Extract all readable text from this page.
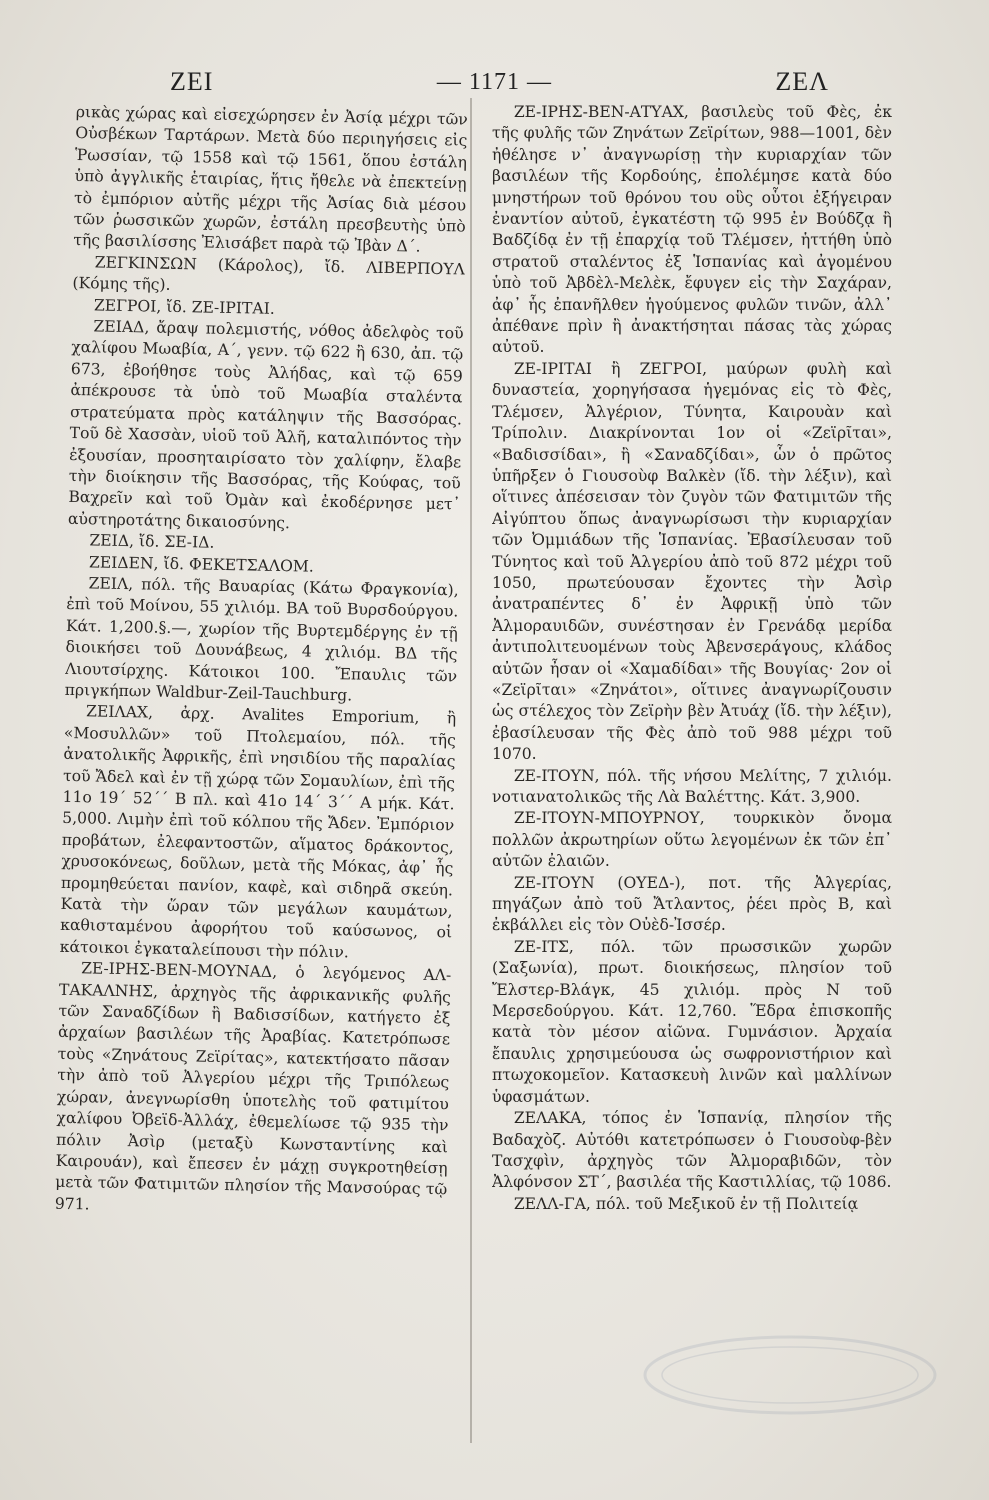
ZEI	— 1171 —	ΖΕΛ

ρικὰς χώρας καὶ εἰσεχώρησεν ἐν Ἀσίᾳ μέχρι τῶν Οὐσβέκων Ταρτάρων. Μετὰ δύο περιηγήσεις εἰς Ῥωσσίαν, τῷ 1558 καὶ τῷ 1561, ὅπου ἐστάλη ὑπὸ ἀγγλικῆς ἑταιρίας, ἥτις ἤθελε νὰ ἐπεκτείνῃ τὸ ἐμπόριον αὐτῆς μέχρι τῆς Ἀσίας διὰ μέσου τῶν ῥωσσικῶν χωρῶν, ἐστάλη πρεσβευτὴς ὑπὸ τῆς βασιλίσσης Ἐλισάβετ παρὰ τῷ Ἰβὰν Δ΄.

ΖΕΓΚΙΝΣΩΝ (Κάρολος), ἴδ. ΛΙΒΕΡΠΟΥΛ (Κόμης τῆς).

ΖΕΓΡΟΙ, ἴδ. ΖΕ-ΙΡΙΤΑΙ.

ΖΕΙΑΔ, ἄραψ πολεμιστής, νόθος ἀδελφὸς τοῦ χαλίφου Μωαβία, Α΄, γενν. τῷ 622 ἢ 630, ἀπ. τῷ 673, ἐβοήθησε τοὺς Ἀλήδας, καὶ τῷ 659 ἀπέκρουσε τὰ ὑπὸ τοῦ Μωαβία σταλέντα στρατεύματα πρὸς κατάληψιν τῆς Βασσόρας. Τοῦ δὲ Χασσὰν, υἱοῦ τοῦ Ἀλῆ, καταλιπόντος τὴν ἐξουσίαν, προσηταιρίσατο τὸν χαλίφην, ἔλαβε τὴν διοίκησιν τῆς Βασσόρας, τῆς Κούφας, τοῦ Βαχρεῖν καὶ τοῦ Ὀμὰν καὶ ἐκοδέρνησε μετ᾽ αὐστηροτάτης δικαιοσύνης.

ΖΕΙΔ, ἴδ. ΣΕ-ΙΔ.

ΖΕΙΔΕΝ, ἴδ. ΦΕΚΕΤΣΑΛΟΜ.

ΖΕΙΛ, πόλ. τῆς Βαυαρίας (Κάτω Φραγκονία), ἐπὶ τοῦ Μοίνου, 55 χιλιόμ. ΒΑ τοῦ Βυρσδούργου. Κάτ. 1,200.§.—, χωρίον τῆς Βυρτεμδέργης ἐν τῇ διοικήσει τοῦ Δουνάβεως, 4 χιλιόμ. ΒΔ τῆς Λιουτσίρχης. Κάτοικοι 100. Ἔπαυλις τῶν πριγκήπων Waldbur-Zeil-Tauchburg.

ΖΕΙΛΑΧ, ἀρχ. Avalites Emporium, ἢ «Μοσυλλῶν» τοῦ Πτολεμαίου, πόλ. τῆς ἀνατολικῆς Ἀφρικῆς, ἐπὶ νησιδίου τῆς παραλίας τοῦ Ἄδελ καὶ ἐν τῇ χώρᾳ τῶν Σομαυλίων, ἐπὶ τῆς 11ο 19΄ 52΄΄ Β πλ. καὶ 41ο 14΄ 3΄΄ Α μήκ. Κάτ. 5,000. Λιμὴν ἐπὶ τοῦ κόλπου τῆς Ἄδεν. Ἐμπόριον προβάτων, ἐλεφαντοστῶν, αἵματος δράκοντος, χρυσοκόνεως, δοῦλων, μετὰ τῆς Μόκας, ἀφ᾽ ἧς προμηθεύεται πανίον, καφὲ, καὶ σιδηρᾶ σκεύη. Κατὰ τὴν ὥραν τῶν μεγάλων καυμάτων, καθισταμένου ἀφορήτου τοῦ καύσωνος, οἱ κάτοικοι ἐγκαταλείπουσι τὴν πόλιν.

ΖΕ-ΙΡΗΣ-ΒΕΝ-ΜΟΥΝΑΔ, ὁ λεγόμενος ΑΛ-ΤΑΚΑΛΝΗΣ, ἀρχηγὸς τῆς ἀφρικανικῆς φυλῆς τῶν Σαναδζίδων ἢ Βαδισσίδων, κατήγετο ἐξ ἀρχαίων βασιλέων τῆς Ἀραβίας. Κατετρόπωσε τοὺς «Ζηνάτους Ζεϊρίτας», κατεκτήσατο πᾶσαν τὴν ἀπὸ τοῦ Ἀλγερίου μέχρι τῆς Τριπόλεως χώραν, ἀνεγνωρίσθη ὑποτελὴς τοῦ φατιμίτου χαλίφου Ὀβεϊδ-Ἀλλάχ, ἐθεμελίωσε τῷ 935 τὴν πόλιν Ἀσὶρ (μεταξὺ Κωνσταντίνης καὶ Καιρουάν), καὶ ἔπεσεν ἐν μάχῃ συγκροτηθείσῃ μετὰ τῶν Φατιμιτῶν πλησίον τῆς Μανσούρας τῷ 971.

ΖΕ-ΙΡΗΣ-ΒΕΝ-ΑΤΥΑΧ, βασιλεὺς τοῦ Φὲς, ἐκ τῆς φυλῆς τῶν Ζηνάτων Ζεϊρίτων, 988—1001, δὲν ἠθέλησε ν᾽ ἀναγνωρίσῃ τὴν κυριαρχίαν τῶν βασιλέων τῆς Κορδούης, ἐπολέμησε κατὰ δύο μνηστήρων τοῦ θρόνου του οὓς οὗτοι ἐξήγειραν ἐναντίον αὐτοῦ, ἐγκατέστη τῷ 995 ἐν Βούδζᾳ ἢ Βαδζίδᾳ ἐν τῇ ἐπαρχίᾳ τοῦ Τλέμσεν, ἡττήθη ὑπὸ στρατοῦ σταλέντος ἐξ Ἱσπανίας καὶ ἀγομένου ὑπὸ τοῦ Ἀβδὲλ-Μελὲκ, ἔφυγεν εἰς τὴν Σαχάραν, ἀφ᾽ ἧς ἐπανῆλθεν ἡγούμενος φυλῶν τινῶν, ἀλλ᾽ ἀπέθανε πρὶν ἢ ἀνακτήσηται πάσας τὰς χώρας αὐτοῦ.

ΖΕ-ΙΡΙΤΑΙ ἢ ΖΕΓΡΟΙ, μαύρων φυλὴ καὶ δυναστεία, χορηγήσασα ἡγεμόνας εἰς τὸ Φὲς, Τλέμσεν, Ἀλγέριον, Τύνητα, Καιρουὰν καὶ Τρίπολιν. Διακρίνονται 1ον οἱ «Ζεϊρῖται», «Βαδισσίδαι», ἢ «Σαναδζίδαι», ὧν ὁ πρῶτος ὑπῆρξεν ὁ Γιουσοὺφ Βαλκὲν (ἴδ. τὴν λέξιν), καὶ οἵτινες ἀπέσεισαν τὸν ζυγὸν τῶν Φατιμιτῶν τῆς Αἰγύπτου ὅπως ἀναγνωρίσωσι τὴν κυριαρχίαν τῶν Ὀμμιάδων τῆς Ἱσπανίας. Ἐβασίλευσαν τοῦ Τύνητος καὶ τοῦ Ἀλγερίου ἀπὸ τοῦ 872 μέχρι τοῦ 1050, πρωτεύουσαν ἔχοντες τὴν Ἀσὶρ ἀνατραπέντες δ᾽ ἐν Ἀφρικῇ ὑπὸ τῶν Ἀλμοραυιδῶν, συνέστησαν ἐν Γρενάδᾳ μερίδα ἀντιπολιτευομένων τοὺς Ἀβενσεράγους, κλάδος αὐτῶν ἦσαν οἱ «Χαμαδίδαι» τῆς Βουγίας· 2ον οἱ «Ζεϊρῖται» «Ζηνάτοι», οἵτινες ἀναγνωρίζουσιν ὡς στέλεχος τὸν Ζεϊρὴν βὲν Ἀτυάχ (ἴδ. τὴν λέξιν), ἐβασίλευσαν τῆς Φὲς ἀπὸ τοῦ 988 μέχρι τοῦ 1070.

ΖΕ-ΙΤΟΥΝ, πόλ. τῆς νήσου Μελίτης, 7 χιλιόμ. νοτιανατολικῶς τῆς Λὰ Βαλέττης. Κάτ. 3,900.

ΖΕ-ΙΤΟΥΝ-ΜΠΟΥΡΝΟΥ, τουρκικὸν ὄνομα πολλῶν ἀκρωτηρίων οὕτω λεγομένων ἐκ τῶν ἐπ᾽ αὐτῶν ἐλαιῶν.

ΖΕ-ΙΤΟΥΝ (ΟΥΕΔ-), ποτ. τῆς Ἀλγερίας, πηγάζων ἀπὸ τοῦ Ἄτλαντος, ῥέει πρὸς Β, καὶ ἐκβάλλει εἰς τὸν Οὐὲδ-Ἰσσέρ.

ΖΕ-ΙΤΣ, πόλ. τῶν πρωσσικῶν χωρῶν (Σαξωνία), πρωτ. διοικήσεως, πλησίον τοῦ Ἔλστερ-Βλάγκ, 45 χιλιόμ. πρὸς Ν τοῦ Μερσεδούργου. Κάτ. 12,760. Ἕδρα ἐπισκοπῆς κατὰ τὸν μέσον αἰῶνα. Γυμνάσιον. Ἀρχαία ἔπαυλις χρησιμεύουσα ὡς σωφρονιστήριον καὶ πτωχοκομεῖον. Κατασκευὴ λινῶν καὶ μαλλίνων ὑφασμάτων.

ΖΕΛΑΚΑ, τόπος ἐν Ἱσπανίᾳ, πλησίον τῆς Βαδαχὸζ. Αὐτόθι κατετρόπωσεν ὁ Γιουσοὺφ-βὲν Τασχφὶν, ἀρχηγὸς τῶν Ἀλμοραβιδῶν, τὸν Ἀλφόνσον ΣΤ΄, βασιλέα τῆς Καστιλλίας, τῷ 1086.

ΖΕΛΛ-ΓΑ, πόλ. τοῦ Μεξικοῦ ἐν τῇ Πολιτείᾳ
